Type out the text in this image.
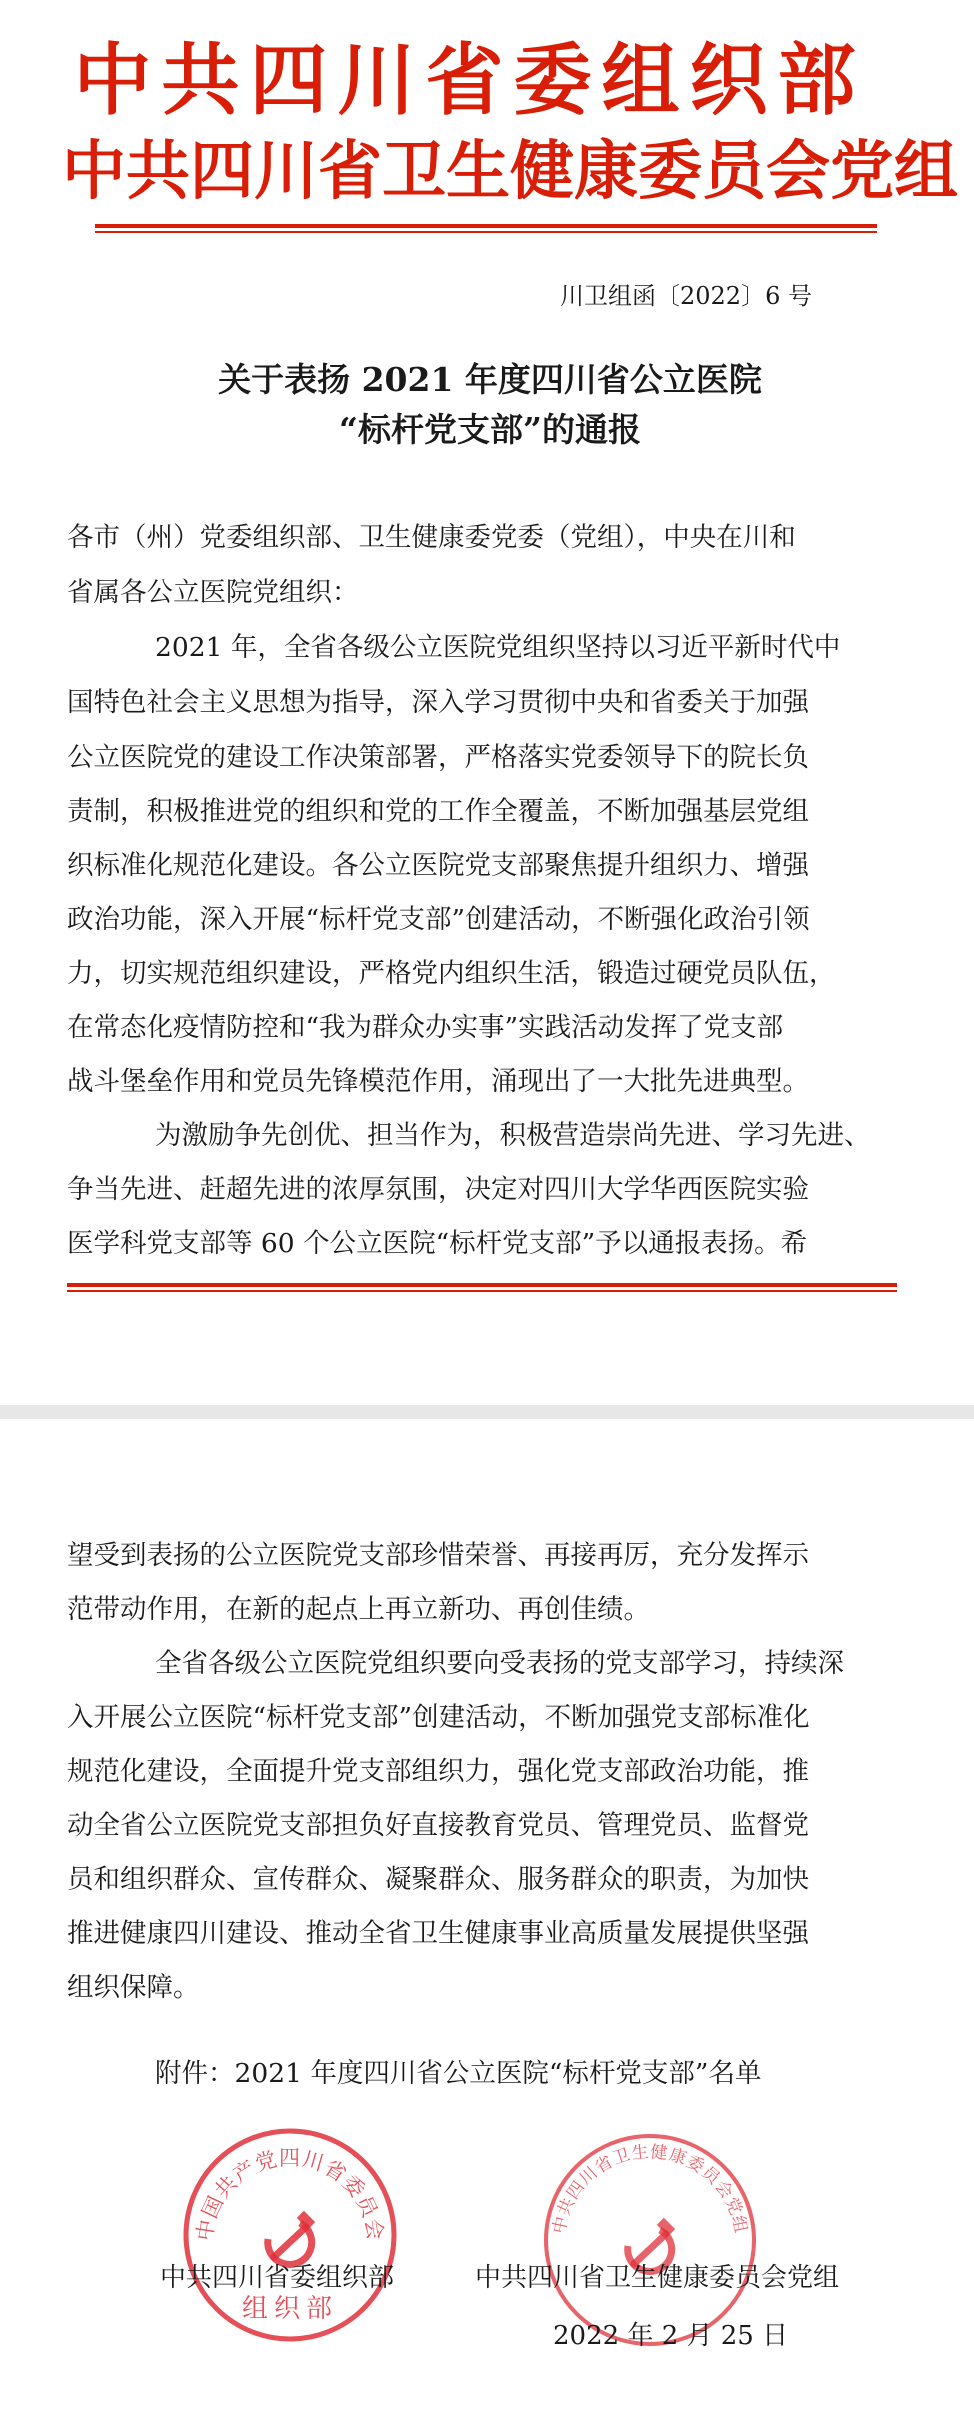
中共四川省委组织部
中共四川省卫生健康委员会党组
川卫组函〔2022〕6 号
关于表扬 2021 年度四川省公立医院
“标杆党支部”的通报
各市（州）党委组织部、卫生健康委党委（党组），中央在川和
省属各公立医院党组织：
2021 年，全省各级公立医院党组织坚持以习近平新时代中
国特色社会主义思想为指导，深入学习贯彻中央和省委关于加强
公立医院党的建设工作决策部署，严格落实党委领导下的院长负
责制，积极推进党的组织和党的工作全覆盖，不断加强基层党组
织标准化规范化建设。各公立医院党支部聚焦提升组织力、增强
政治功能，深入开展“标杆党支部”创建活动，不断强化政治引领
力，切实规范组织建设，严格党内组织生活，锻造过硬党员队伍，
在常态化疫情防控和“我为群众办实事”实践活动发挥了党支部
战斗堡垒作用和党员先锋模范作用，涌现出了一大批先进典型。
为激励争先创优、担当作为，积极营造崇尚先进、学习先进、
争当先进、赶超先进的浓厚氛围，决定对四川大学华西医院实验
医学科党支部等 60 个公立医院“标杆党支部”予以通报表扬。希
望受到表扬的公立医院党支部珍惜荣誉、再接再厉，充分发挥示
范带动作用，在新的起点上再立新功、再创佳绩。
全省各级公立医院党组织要向受表扬的党支部学习，持续深
入开展公立医院“标杆党支部”创建活动，不断加强党支部标准化
规范化建设，全面提升党支部组织力，强化党支部政治功能，推
动全省公立医院党支部担负好直接教育党员、管理党员、监督党
员和组织群众、宣传群众、凝聚群众、服务群众的职责，为加快
推进健康四川建设、推动全省卫生健康事业高质量发展提供坚强
组织保障。
附件：2021 年度四川省公立医院“标杆党支部”名单
中国共产党四川省委员会
组织部
中共四川省卫生健康委员会党组
中共四川省委组织部	中共四川省卫生健康委员会党组
2022 年 2 月 25 日
